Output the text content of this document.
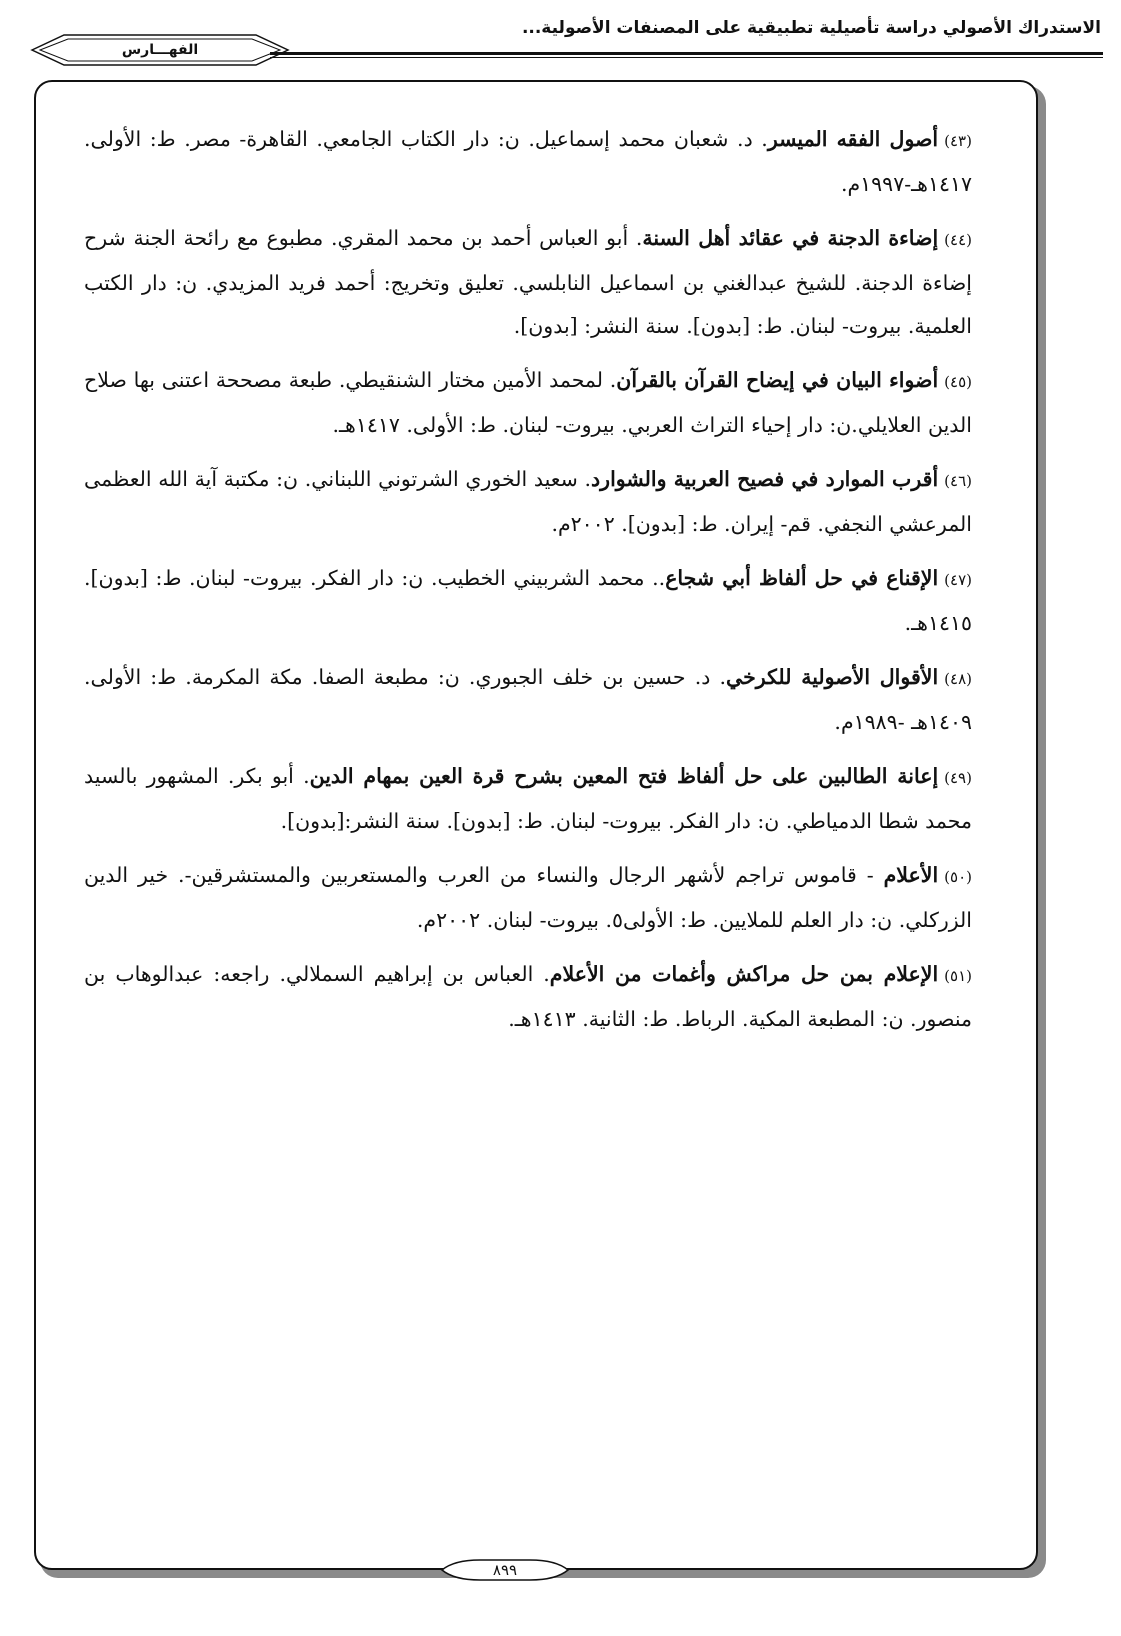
الاستدراك الأصولي دراسة تأصيلية تطبيقية على المصنفات الأصولية...
الفهـــارس

(٤٣)أصول الفقه الميسر. د. شعبان محمد إسماعيل. ن: دار الكتاب الجامعي. القاهرة- مصر. ط: الأولى. ١٤١٧هـ-١٩٩٧م.

(٤٤)إضاءة الدجنة في عقائد أهل السنة. أبو العباس أحمد بن محمد المقري. مطبوع مع رائحة الجنة شرح إضاءة الدجنة. للشيخ عبدالغني بن اسماعيل النابلسي. تعليق وتخريج: أحمد فريد المزيدي. ن: دار الكتب العلمية. بيروت- لبنان. ط: [بدون]. سنة النشر: [بدون].

(٤٥)أضواء البيان في إيضاح القرآن بالقرآن. لمحمد الأمين مختار الشنقيطي. طبعة مصححة اعتنى بها صلاح الدين العلايلي.ن: دار إحياء التراث العربي. بيروت- لبنان. ط: الأولى. ١٤١٧هـ.

(٤٦)أقرب الموارد في فصيح العربية والشوارد. سعيد الخوري الشرتوني اللبناني. ن: مكتبة آية الله العظمى المرعشي النجفي. قم- إيران. ط: [بدون]. ٢٠٠٢م.

(٤٧)الإقناع في حل ألفاظ أبي شجاع.. محمد الشربيني الخطيب. ن: دار الفكر. بيروت- لبنان. ط: [بدون]. ١٤١٥هـ.

(٤٨)الأقوال الأصولية للكرخي. د. حسين بن خلف الجبوري. ن: مطبعة الصفا. مكة المكرمة. ط: الأولى. ١٤٠٩هـ -١٩٨٩م.

(٤٩)إعانة الطالبين على حل ألفاظ فتح المعين بشرح قرة العين بمهام الدين. أبو بكر. المشهور بالسيد محمد شطا الدمياطي. ن: دار الفكر. بيروت- لبنان. ط: [بدون]. سنة النشر:[بدون].

(٥٠)الأعلام - قاموس تراجم لأشهر الرجال والنساء من العرب والمستعربين والمستشرقين-. خير الدين الزركلي. ن: دار العلم للملايين. ط: الأولى٥. بيروت- لبنان. ٢٠٠٢م.

(٥١)الإعلام بمن حل مراكش وأغمات من الأعلام. العباس بن إبراهيم السملالي. راجعه: عبدالوهاب بن منصور. ن: المطبعة المكية. الرباط. ط: الثانية. ١٤١٣هـ.

٨٩٩
